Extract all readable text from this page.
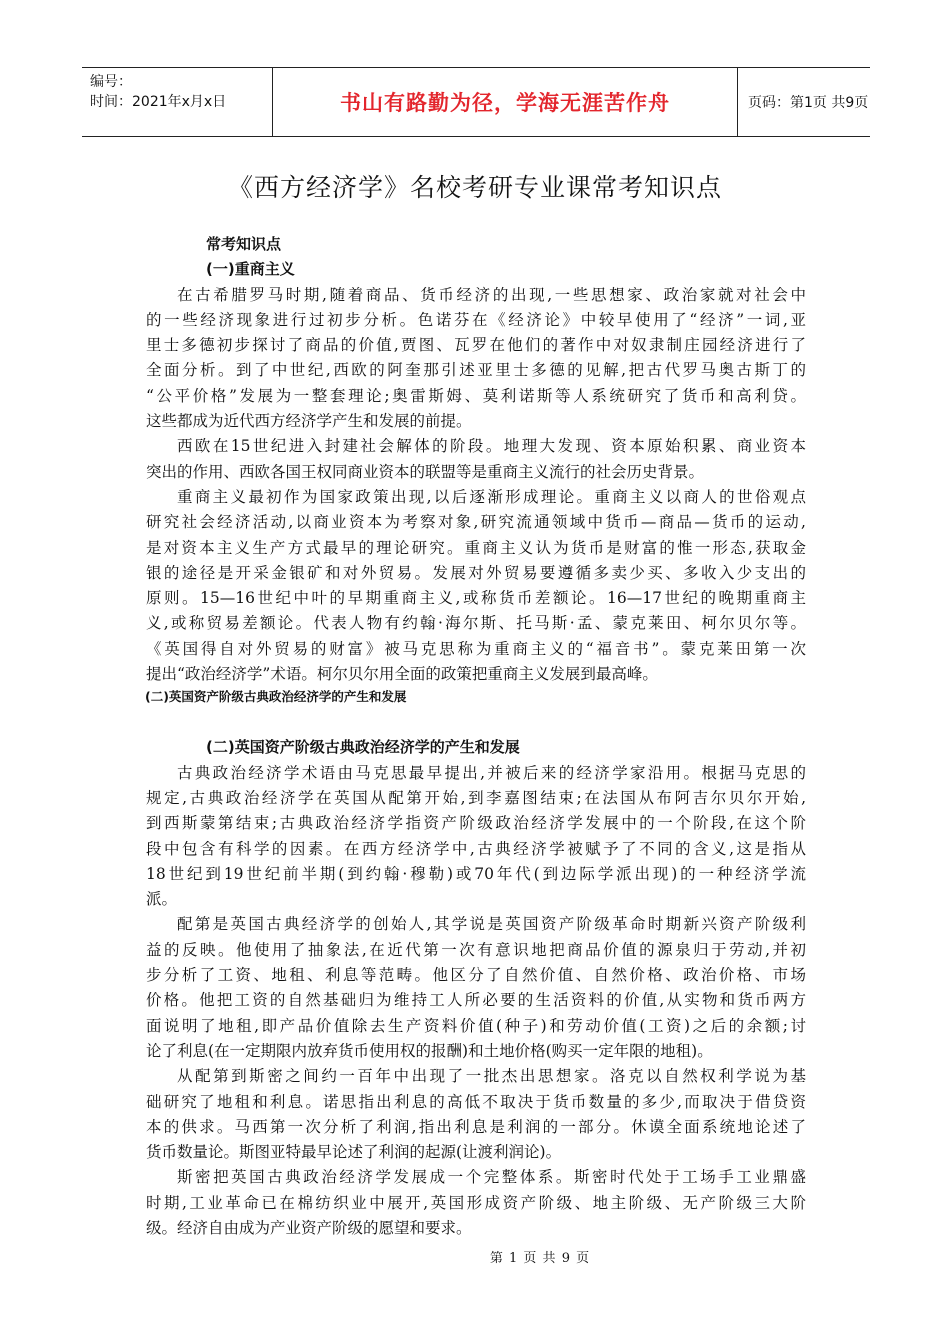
编号：
时间：2021年x月x日	书山有路勤为径，学海无涯苦作舟	页码：第1页 共9页
《西方经济学》名校考研专业课常考知识点
常考知识点
(一)重商主义
在古希腊罗马时期,随着商品、货币经济的出现,一些思想家、政治家就对社会中
的一些经济现象进行过初步分析。色诺芬在《经济论》中较早使用了“经济”一词,亚
里士多德初步探讨了商品的价值,贾图、瓦罗在他们的著作中对奴隶制庄园经济进行了
全面分析。到了中世纪,西欧的阿奎那引述亚里士多德的见解,把古代罗马奥古斯丁的
“公平价格”发展为一整套理论;奥雷斯姆、莫利诺斯等人系统研究了货币和高利贷。
这些都成为近代西方经济学产生和发展的前提。
西欧在15世纪进入封建社会解体的阶段。地理大发现、资本原始积累、商业资本
突出的作用、西欧各国王权同商业资本的联盟等是重商主义流行的社会历史背景。
重商主义最初作为国家政策出现,以后逐渐形成理论。重商主义以商人的世俗观点
研究社会经济活动,以商业资本为考察对象,研究流通领域中货币—商品—货币的运动,
是对资本主义生产方式最早的理论研究。重商主义认为货币是财富的惟一形态,获取金
银的途径是开采金银矿和对外贸易。发展对外贸易要遵循多卖少买、多收入少支出的
原则。15—16世纪中叶的早期重商主义,或称货币差额论。16—17世纪的晚期重商主
义,或称贸易差额论。代表人物有约翰·海尔斯、托马斯·孟、蒙克莱田、柯尔贝尔等。
《英国得自对外贸易的财富》被马克思称为重商主义的“福音书”。蒙克莱田第一次
提出“政治经济学”术语。柯尔贝尔用全面的政策把重商主义发展到最高峰。
(二)英国资产阶级古典政治经济学的产生和发展
(二)英国资产阶级古典政治经济学的产生和发展
古典政治经济学术语由马克思最早提出,并被后来的经济学家沿用。根据马克思的
规定,古典政治经济学在英国从配第开始,到李嘉图结束;在法国从布阿吉尔贝尔开始,
到西斯蒙第结束;古典政治经济学指资产阶级政治经济学发展中的一个阶段,在这个阶
段中包含有科学的因素。在西方经济学中,古典经济学被赋予了不同的含义,这是指从
18世纪到19世纪前半期(到约翰·穆勒)或70年代(到边际学派出现)的一种经济学流
派。
配第是英国古典经济学的创始人,其学说是英国资产阶级革命时期新兴资产阶级利
益的反映。他使用了抽象法,在近代第一次有意识地把商品价值的源泉归于劳动,并初
步分析了工资、地租、利息等范畴。他区分了自然价值、自然价格、政治价格、市场
价格。他把工资的自然基础归为维持工人所必要的生活资料的价值,从实物和货币两方
面说明了地租,即产品价值除去生产资料价值(种子)和劳动价值(工资)之后的余额;讨
论了利息(在一定期限内放弃货币使用权的报酬)和土地价格(购买一定年限的地租)。
从配第到斯密之间约一百年中出现了一批杰出思想家。洛克以自然权利学说为基
础研究了地租和利息。诺思指出利息的高低不取决于货币数量的多少,而取决于借贷资
本的供求。马西第一次分析了利润,指出利息是利润的一部分。休谟全面系统地论述了
货币数量论。斯图亚特最早论述了利润的起源(让渡利润论)。
斯密把英国古典政治经济学发展成一个完整体系。斯密时代处于工场手工业鼎盛
时期,工业革命已在棉纺织业中展开,英国形成资产阶级、地主阶级、无产阶级三大阶
级。经济自由成为产业资产阶级的愿望和要求。
第 1 页 共 9 页
